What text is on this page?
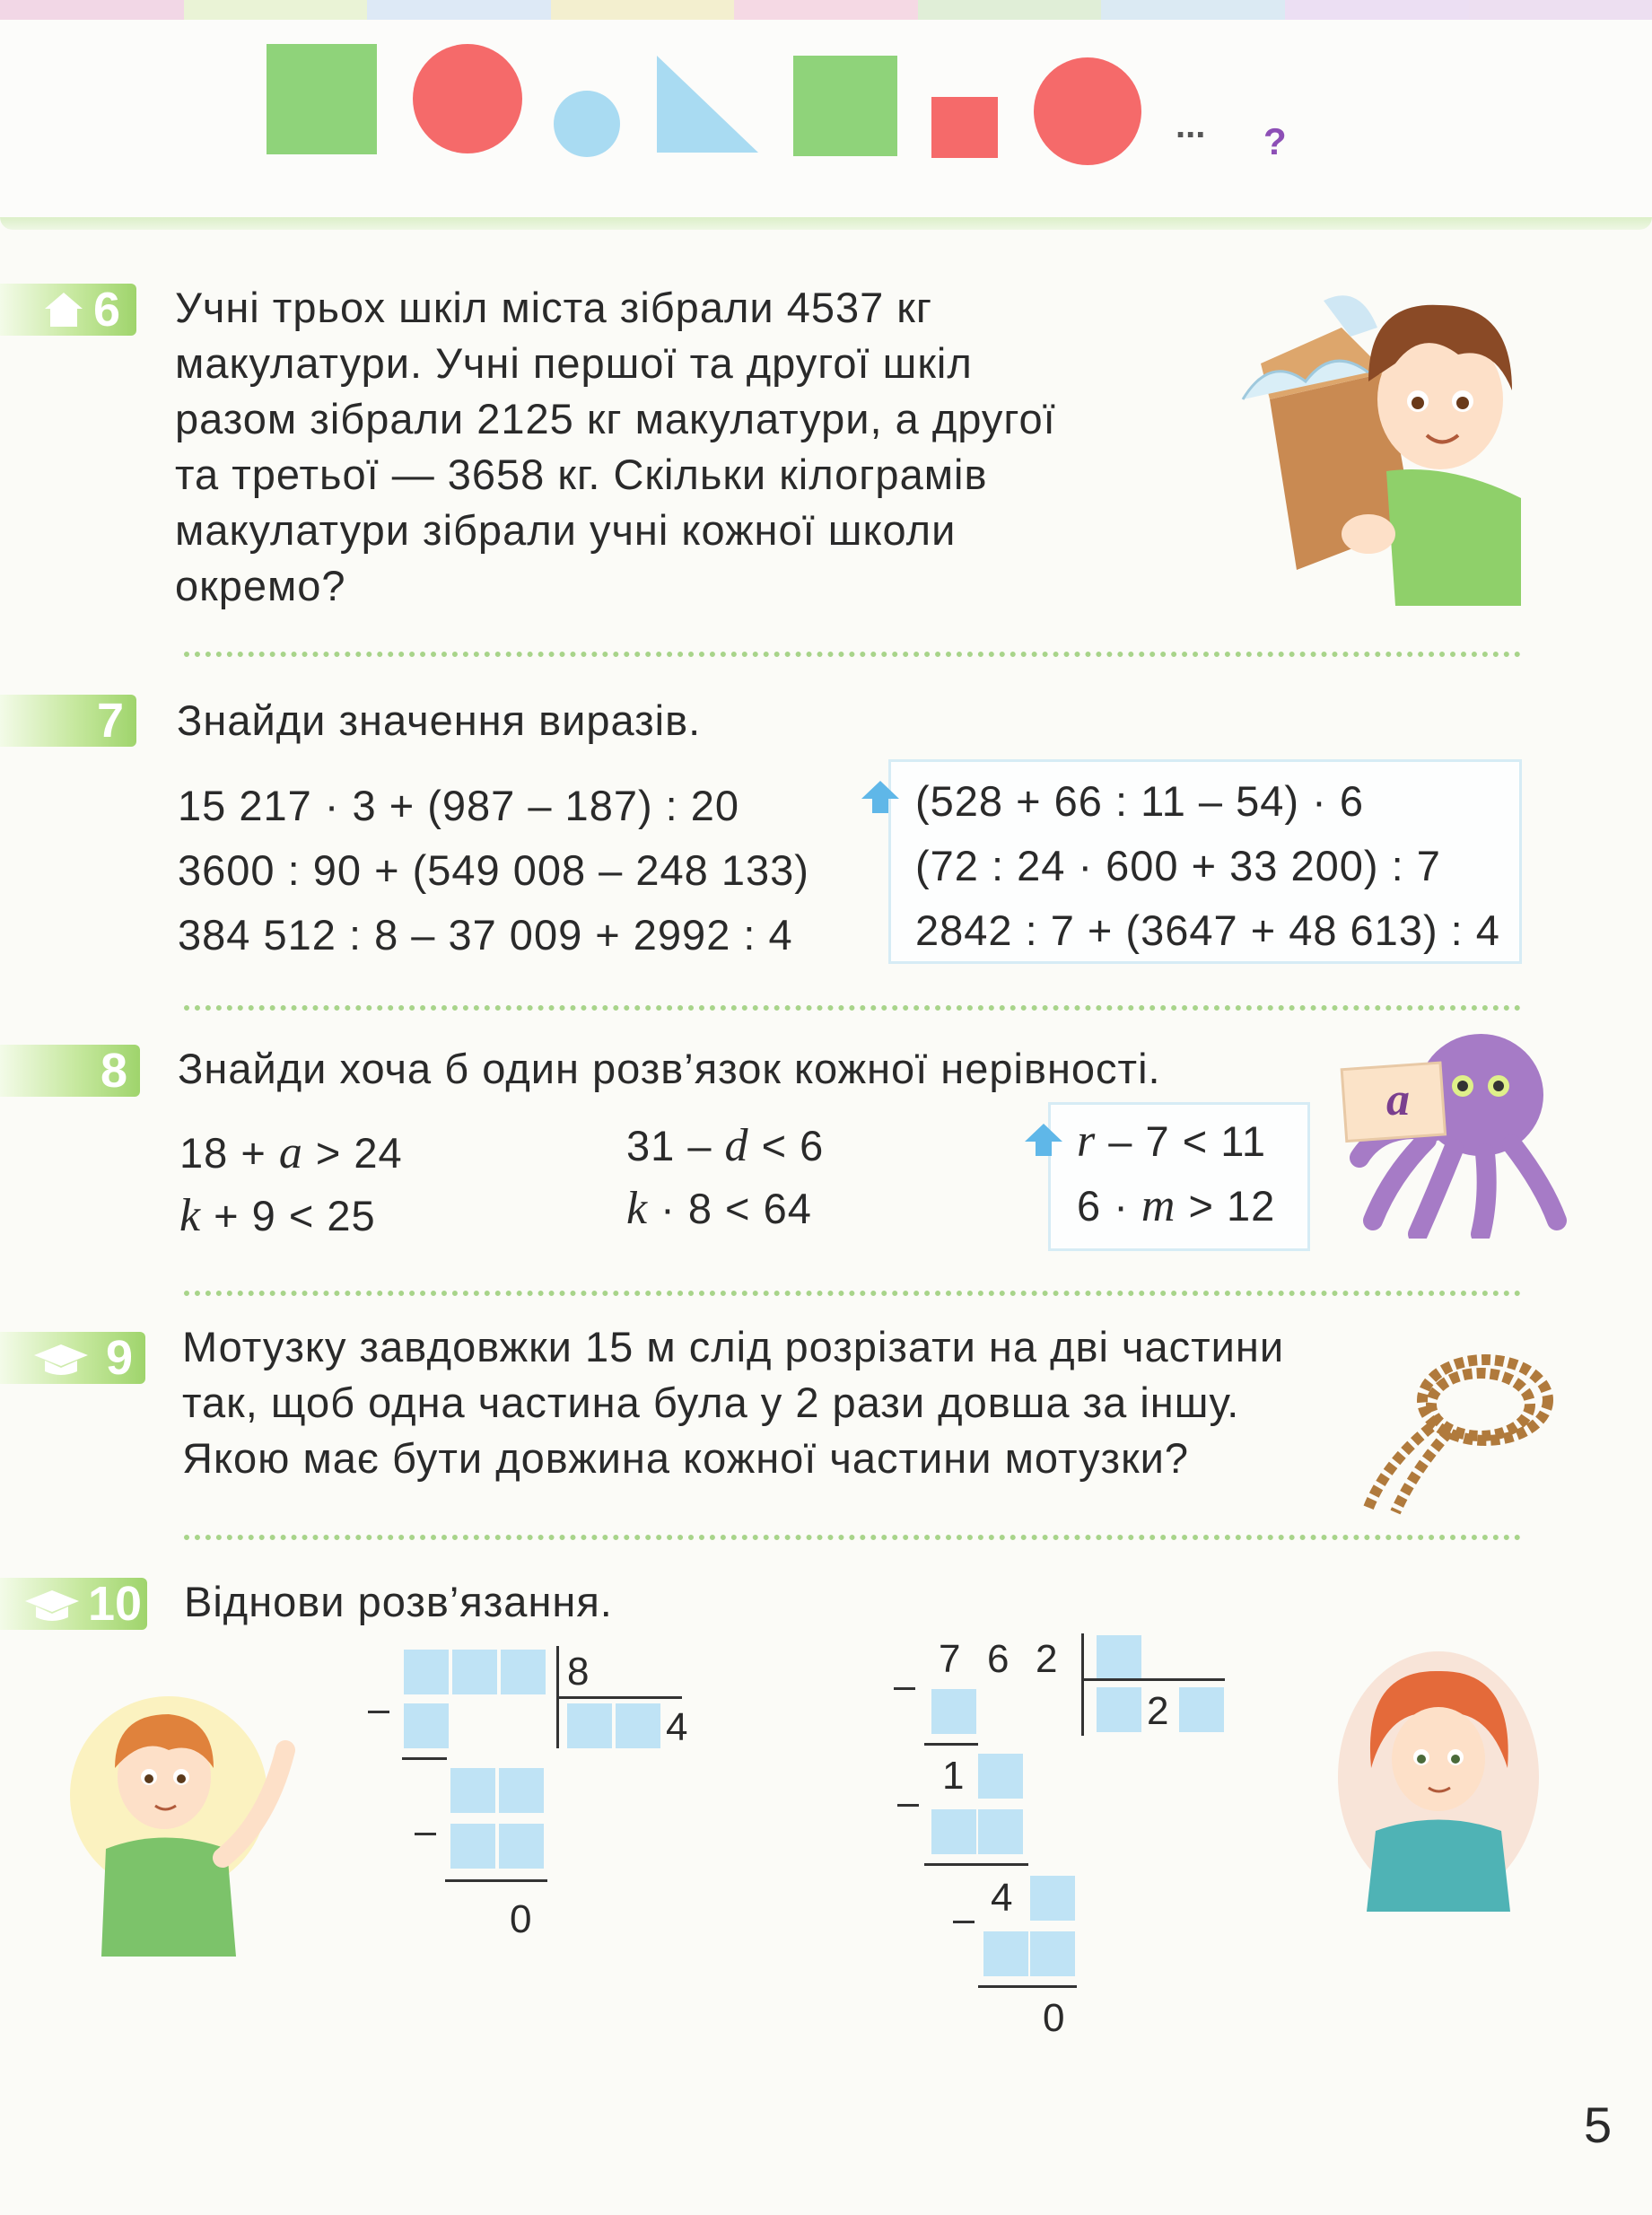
... ?
6 Учні трьох шкіл міста зібрали 4537 кг
макулатури. Учні першої та другої шкіл
разом зібрали 2125 кг макулатури, а другої
та третьої — 3658 кг. Скільки кілограмів
макулатури зібрали учні кожної школи
окремо?
7 Знайди значення виразів.
15 217 · 3 + (987 – 187) : 20
3600 : 90 + (549 008 – 248 133)
384 512 : 8 – 37 009 + 2992 : 4
(528 + 66 : 11 – 54) · 6
(72 : 24 · 600 + 33 200) : 7
2842 : 7 + (3647 + 48 613) : 4
8 Знайди хоча б один розв’язок кожної нерівності.
18 + a > 24
k + 9 < 25
31 – d < 6
k · 8 < 64
r – 7 < 11
6 · m > 12
a
9 Мотузку завдовжки 15 м слід розрізати на дві частини
так, щоб одна частина була у 2 рази довша за іншу.
Якою має бути довжина кожної частини мотузки?
10 Віднови розв’язання.
8
4
0
7 6 2
2
1
4
0
5
